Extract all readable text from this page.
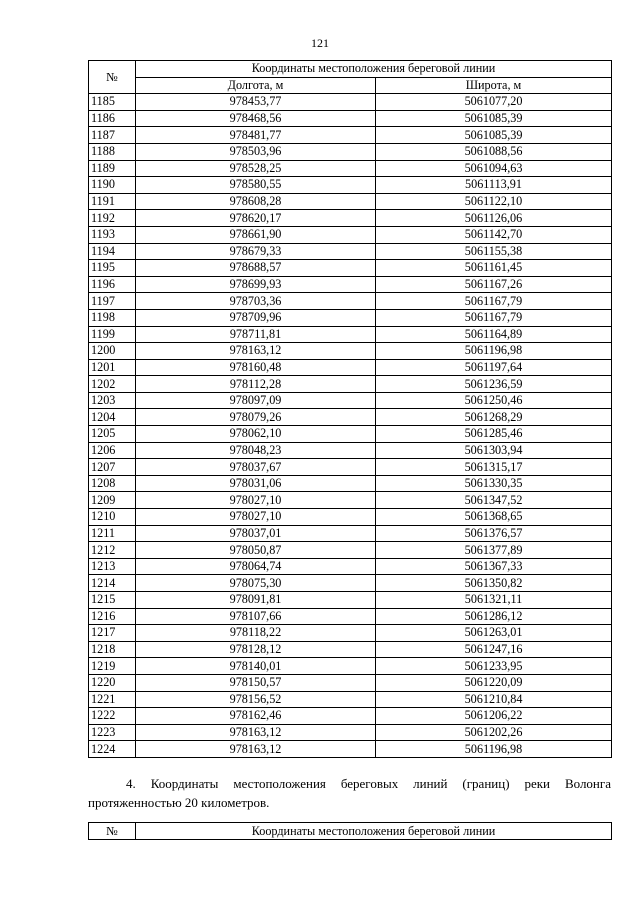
121
№	Координаты местоположения береговой линии	
	Долгота, м	Широта, м
1185	978453,77	5061077,20
1186	978468,56	5061085,39
1187	978481,77	5061085,39
1188	978503,96	5061088,56
1189	978528,25	5061094,63
1190	978580,55	5061113,91
1191	978608,28	5061122,10
1192	978620,17	5061126,06
1193	978661,90	5061142,70
1194	978679,33	5061155,38
1195	978688,57	5061161,45
1196	978699,93	5061167,26
1197	978703,36	5061167,79
1198	978709,96	5061167,79
1199	978711,81	5061164,89
1200	978163,12	5061196,98
1201	978160,48	5061197,64
1202	978112,28	5061236,59
1203	978097,09	5061250,46
1204	978079,26	5061268,29
1205	978062,10	5061285,46
1206	978048,23	5061303,94
1207	978037,67	5061315,17
1208	978031,06	5061330,35
1209	978027,10	5061347,52
1210	978027,10	5061368,65
1211	978037,01	5061376,57
1212	978050,87	5061377,89
1213	978064,74	5061367,33
1214	978075,30	5061350,82
1215	978091,81	5061321,11
1216	978107,66	5061286,12
1217	978118,22	5061263,01
1218	978128,12	5061247,16
1219	978140,01	5061233,95
1220	978150,57	5061220,09
1221	978156,52	5061210,84
1222	978162,46	5061206,22
1223	978163,12	5061202,26
1224	978163,12	5061196,98
4. Координаты местоположения береговых линий (границ) реки Волонга
протяженностью 20 километров.
№	Координаты местоположения береговой линии
